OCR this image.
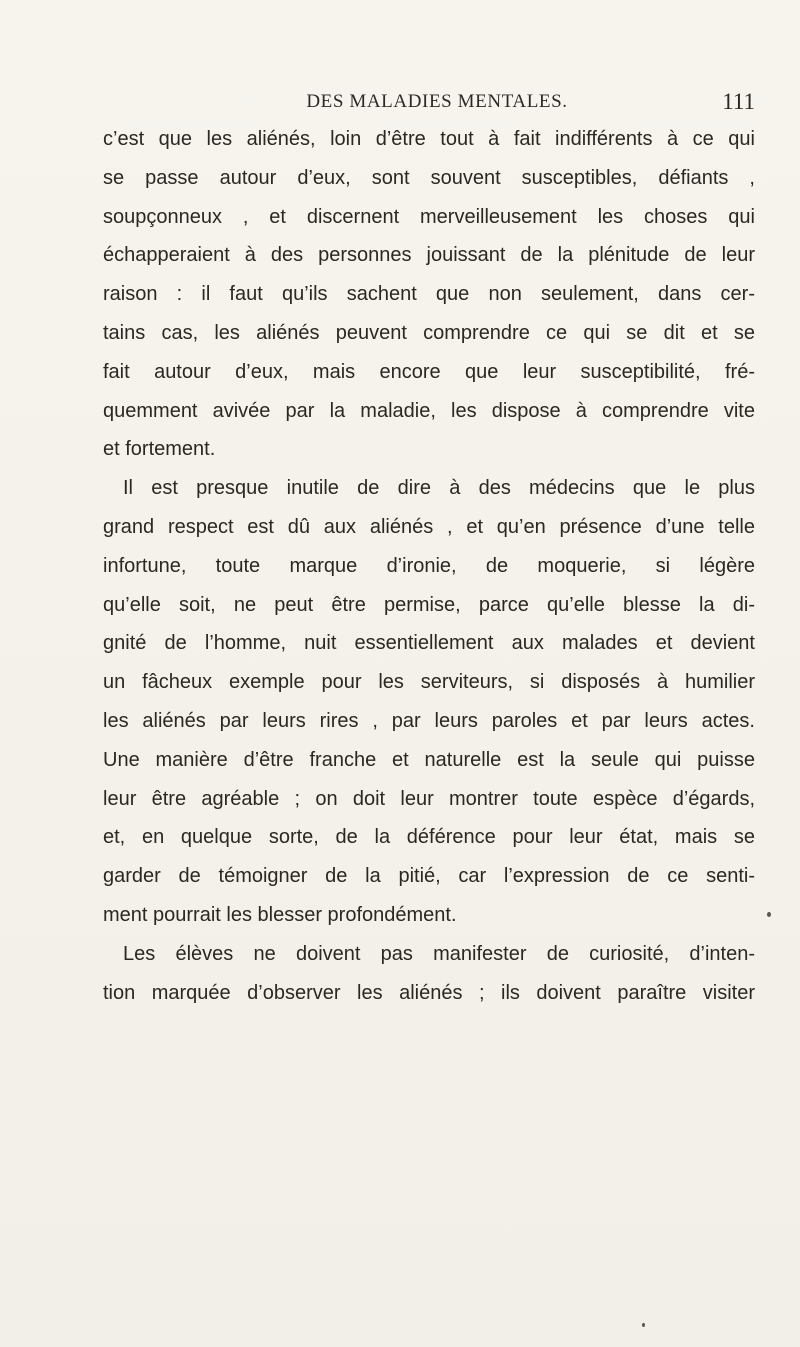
DES MALADIES MENTALES.	111
c’est que les aliénés, loin d’être tout à fait indifférents à ce qui
se passe autour d’eux, sont souvent susceptibles, défiants ,
soupçonneux , et discernent merveilleusement les choses qui
échapperaient à des personnes jouissant de la plénitude de leur
raison : il faut qu’ils sachent que non seulement, dans cer-
tains cas, les aliénés peuvent comprendre ce qui se dit et se
fait autour d’eux, mais encore que leur susceptibilité, fré-
quemment avivée par la maladie, les dispose à comprendre vite
et fortement.
Il est presque inutile de dire à des médecins que le plus
grand respect est dû aux aliénés , et qu’en présence d’une telle
infortune, toute marque d’ironie, de moquerie, si légère
qu’elle soit, ne peut être permise, parce qu’elle blesse la di-
gnité de l’homme, nuit essentiellement aux malades et devient
un fâcheux exemple pour les serviteurs, si disposés à humilier
les aliénés par leurs rires , par leurs paroles et par leurs actes.
Une manière d’être franche et naturelle est la seule qui puisse
leur être agréable ; on doit leur montrer toute espèce d’égards,
et, en quelque sorte, de la déférence pour leur état, mais se
garder de témoigner de la pitié, car l’expression de ce senti-
ment pourrait les blesser profondément.
Les élèves ne doivent pas manifester de curiosité, d’inten-
tion marquée d’observer les aliénés ; ils doivent paraître visiter
